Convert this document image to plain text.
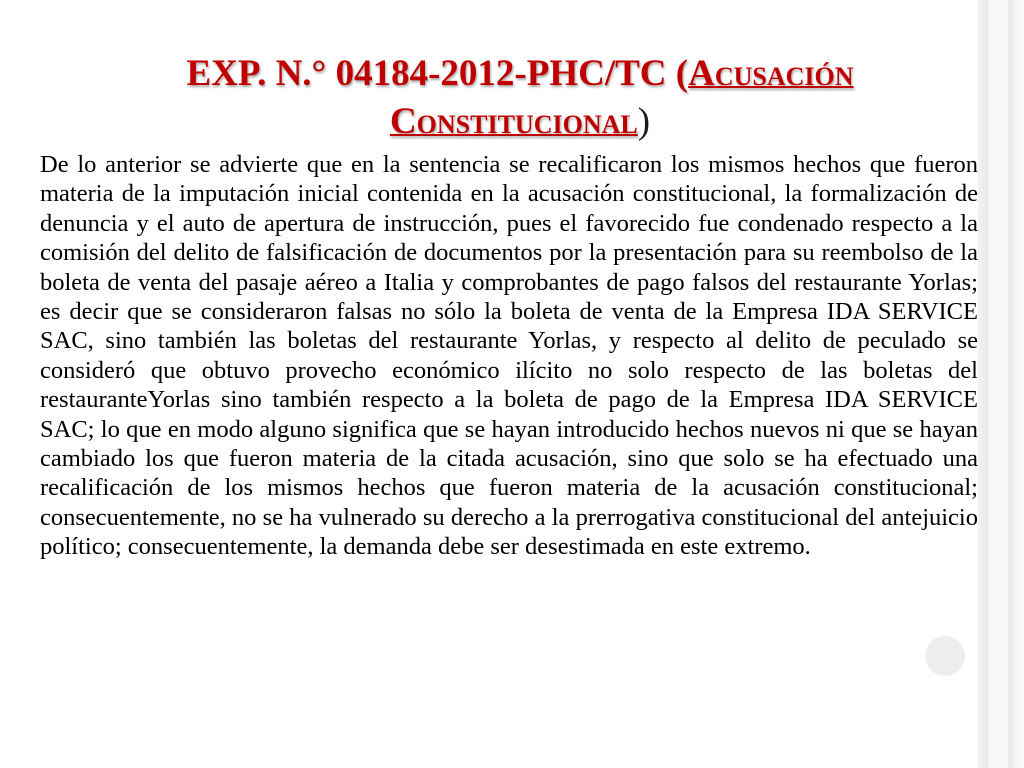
EXP. N.° 04184-2012-PHC/TC (Acusación
Constitucional)

De lo anterior se advierte que en la sentencia se recalificaron los mismos hechos que fueron materia de la imputación inicial contenida en la acusación constitucional, la formalización de denuncia y el auto de apertura de instrucción, pues el favorecido fue condenado respecto a la comisión del delito de falsificación de documentos por la presentación para su reembolso de la boleta de venta del pasaje aéreo a Italia y comprobantes de pago falsos del restaurante Yorlas; es decir que se consideraron falsas no sólo la boleta de venta de la Empresa IDA SERVICE SAC, sino también las boletas del restaurante Yorlas, y respecto al delito de peculado se consideró que obtuvo provecho económico ilícito no solo respecto de las boletas del restauranteYorlas sino también respecto a la boleta de pago de la Empresa IDA SERVICE SAC; lo que en modo alguno significa que se hayan introducido hechos nuevos ni que se hayan cambiado los que fueron materia de la citada acusación, sino que solo se ha efectuado una recalificación de los mismos hechos que fueron materia de la acusación constitucional; consecuentemente, no se ha vulnerado su derecho a la prerrogativa constitucional del antejuicio político; consecuentemente, la demanda debe ser desestimada en este extremo.
